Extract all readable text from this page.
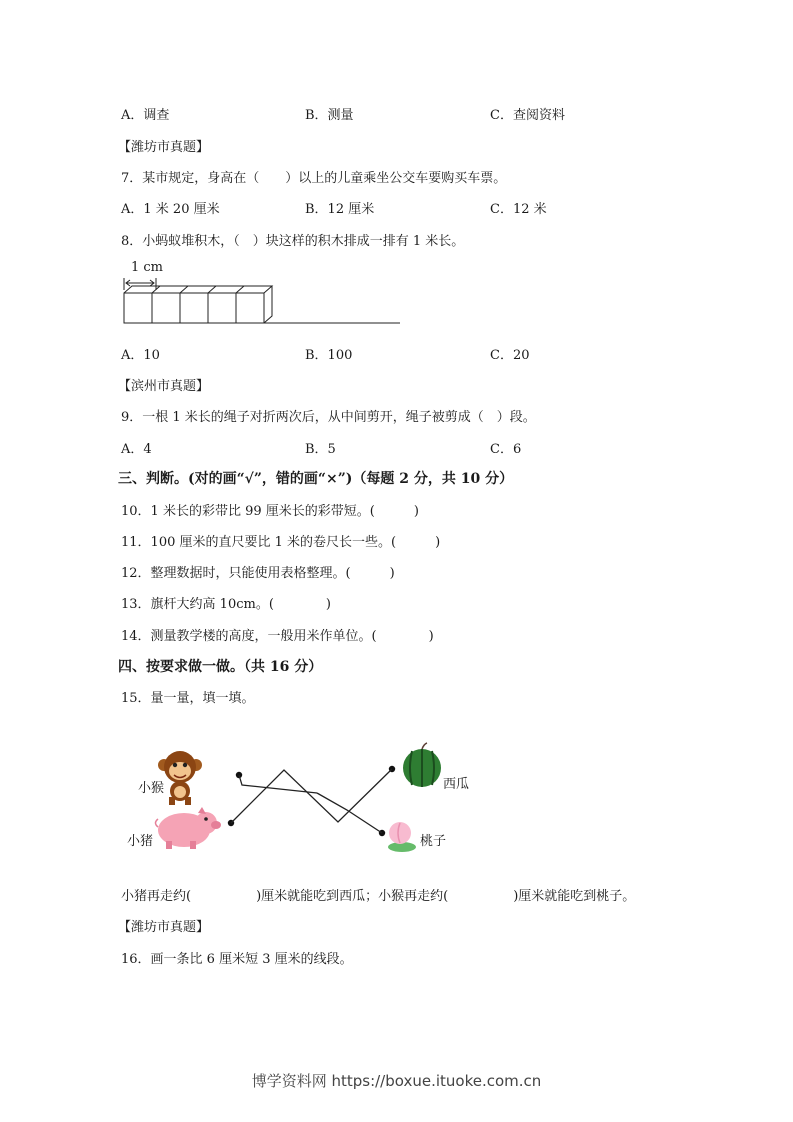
A．调查	B．测量	C．查阅资料
【潍坊市真题】
7．某市规定，身高在（　　）以上的儿童乘坐公交车要购买车票。
A．1 米 20 厘米	B．12 厘米	C．12 米
8．小蚂蚁堆积木，（　）块这样的积木排成一排有 1 米长。
1 cm
A．10	B．100	C．20
【滨州市真题】
9．一根 1 米长的绳子对折两次后，从中间剪开，绳子被剪成（　）段。
A．4	B．5	C．6
三、判断。(对的画“√”，错的画“×”)（每题 2 分，共 10 分）
10．1 米长的彩带比 99 厘米长的彩带短。(　　　)
11．100 厘米的直尺要比 1 米的卷尺长一些。(　　　)
12．整理数据时，只能使用表格整理。(　　　)
13．旗杆大约高 10cm。(　　　　)
14．测量教学楼的高度，一般用米作单位。(　　　　)
四、按要求做一做。（共 16 分）
15．量一量，填一填。
小猴
小猪
西瓜
桃子
小猪再走约(　　　　　)厘米就能吃到西瓜；小猴再走约(　　　　　)厘米就能吃到桃子。
【潍坊市真题】
16．画一条比 6 厘米短 3 厘米的线段。
博学资料网 https://boxue.ituoke.com.cn
